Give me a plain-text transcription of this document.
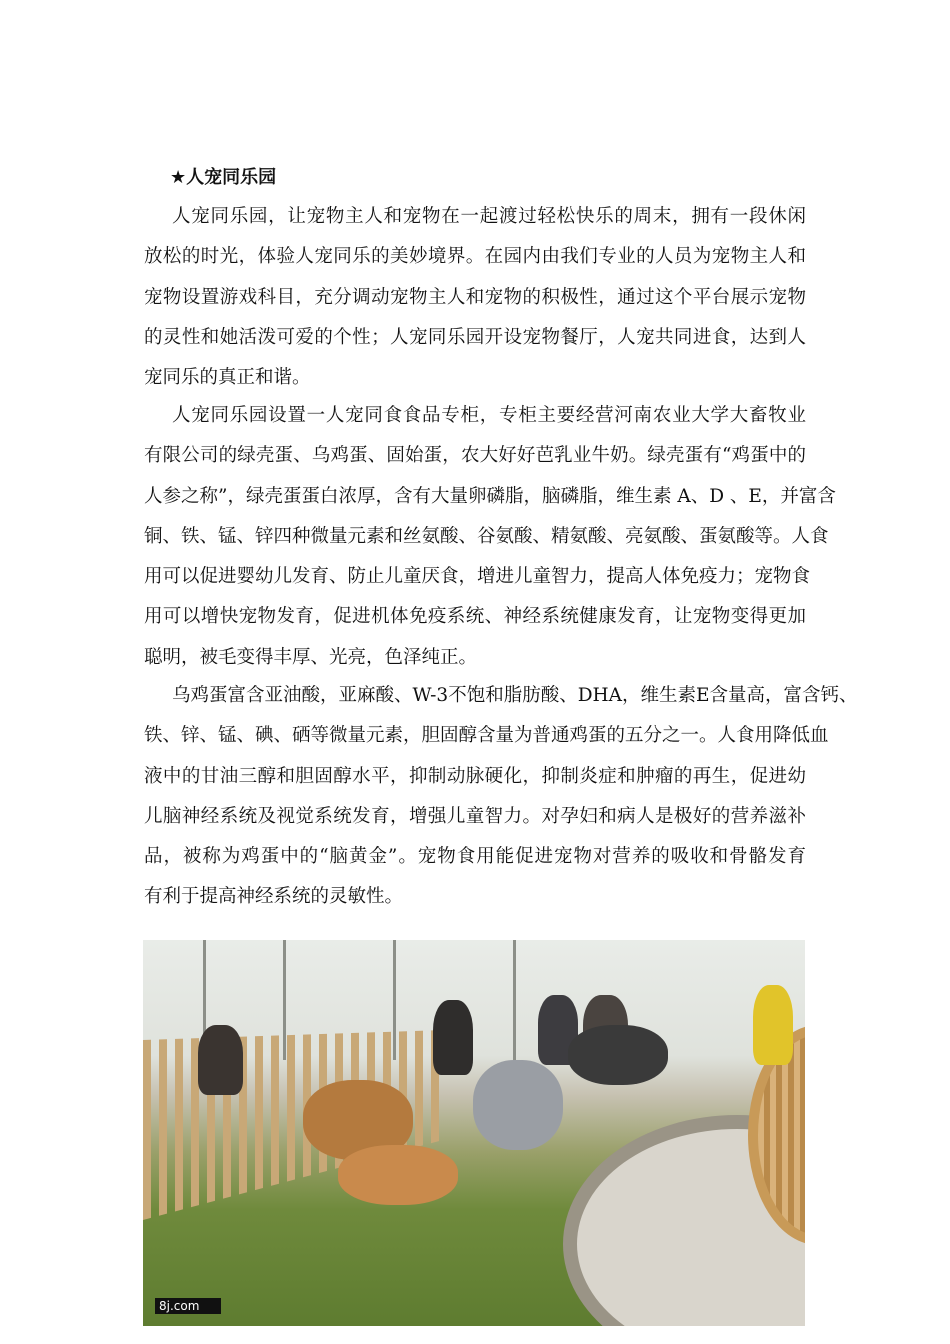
★人宠同乐园
人宠同乐园，让宠物主人和宠物在一起渡过轻松快乐的周末，拥有一段休闲
放松的时光，体验人宠同乐的美妙境界。在园内由我们专业的人员为宠物主人和
宠物设置游戏科目，充分调动宠物主人和宠物的积极性，通过这个平台展示宠物
的灵性和她活泼可爱的个性；人宠同乐园开设宠物餐厅，人宠共同进食，达到人
宠同乐的真正和谐。
人宠同乐园设置一人宠同食食品专柜，专柜主要经营河南农业大学大畜牧业
有限公司的绿壳蛋、乌鸡蛋、固始蛋，农大好好芭乳业牛奶。绿壳蛋有“鸡蛋中的
人参之称”，绿壳蛋蛋白浓厚，含有大量卵磷脂，脑磷脂，维生素 A、D 、E，并富含
铜、铁、锰、锌四种微量元素和丝氨酸、谷氨酸、精氨酸、亮氨酸、蛋氨酸等。人食
用可以促进婴幼儿发育、防止儿童厌食，增进儿童智力，提高人体免疫力；宠物食
用可以增快宠物发育，促进机体免疫系统、神经系统健康发育，让宠物变得更加
聪明，被毛变得丰厚、光亮，色泽纯正。
乌鸡蛋富含亚油酸，亚麻酸、W-3不饱和脂肪酸、DHA，维生素E含量高，富含钙、
铁、锌、锰、碘、硒等微量元素，胆固醇含量为普通鸡蛋的五分之一。人食用降低血
液中的甘油三醇和胆固醇水平，抑制动脉硬化，抑制炎症和肿瘤的再生，促进幼
儿脑神经系统及视觉系统发育，增强儿童智力。对孕妇和病人是极好的营养滋补
品，被称为鸡蛋中的“脑黄金”。宠物食用能促进宠物对营养的吸收和骨骼发育
有利于提高神经系统的灵敏性。
8j.com
